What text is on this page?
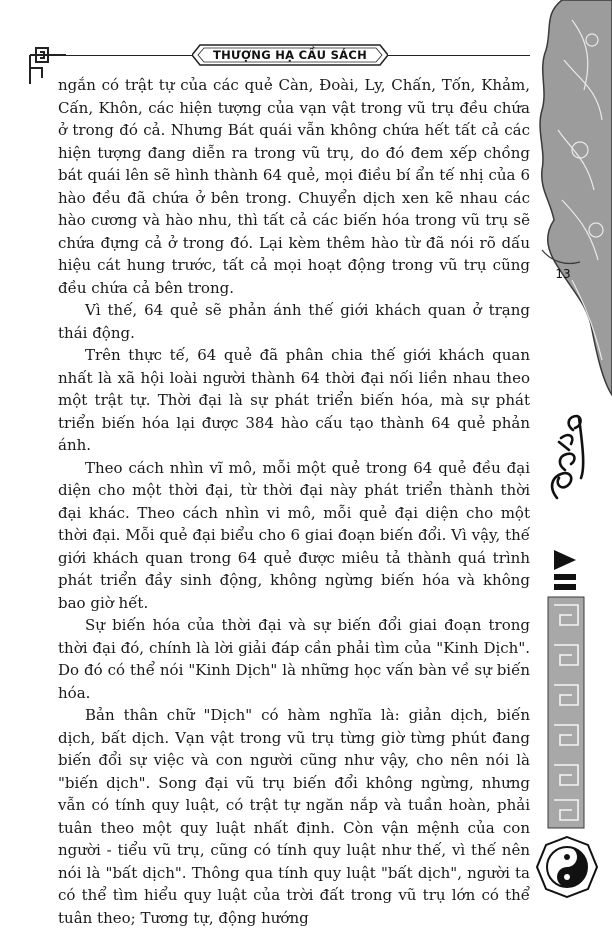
THƯỢNG HẠ CẦU SÁCH

ngắn có trật tự của các quẻ Càn, Đoài, Ly, Chấn, Tốn, Khảm, Cấn, Khôn, các hiện tượng của vạn vật trong vũ trụ đều chứa ở trong đó cả. Nhưng Bát quái vẫn không chứa hết tất cả các hiện tượng đang diễn ra trong vũ trụ, do đó đem xếp chồng bát quái lên sẽ hình thành 64 quẻ, mọi điều bí ẩn tế nhị của 6 hào đều đã chứa ở bên trong. Chuyển dịch xen kẽ nhau các hào cương và hào nhu, thì tất cả các biến hóa trong vũ trụ sẽ chứa đựng cả ở trong đó. Lại kèm thêm hào từ đã nói rõ dấu hiệu cát hung trước, tất cả mọi hoạt động trong vũ trụ cũng đều chứa cả bên trong.

Vì thế, 64 quẻ sẽ phản ánh thế giới khách quan ở trạng thái động.

Trên thực tế, 64 quẻ đã phân chia thế giới khách quan nhất là xã hội loài người thành 64 thời đại nối liền nhau theo một trật tự. Thời đại là sự phát triển biến hóa, mà sự phát triển biến hóa lại được 384 hào cấu tạo thành 64 quẻ phản ánh.

Theo cách nhìn vĩ mô, mỗi một quẻ trong 64 quẻ đều đại diện cho một thời đại, từ thời đại này phát triển thành thời đại khác. Theo cách nhìn vi mô, mỗi quẻ đại diện cho một thời đại. Mỗi quẻ đại biểu cho 6 giai đoạn biến đổi. Vì vậy, thế giới khách quan trong 64 quẻ được miêu tả thành quá trình phát triển đầy sinh động, không ngừng biến hóa và không bao giờ hết.

Sự biến hóa của thời đại và sự biến đổi giai đoạn trong thời đại đó, chính là lời giải đáp cần phải tìm của "Kinh Dịch". Do đó có thể nói "Kinh Dịch" là những học vấn bàn về sự biến hóa.

Bản thân chữ "Dịch" có hàm nghĩa là: giản dịch, biến dịch, bất dịch. Vạn vật trong vũ trụ từng giờ từng phút đang biến đổi sự việc và con người cũng như vậy, cho nên nói là "biến dịch". Song đại vũ trụ biến đổi không ngừng, nhưng vẫn có tính quy luật, có trật tự ngăn nắp và tuần hoàn, phải tuân theo một quy luật nhất định. Còn vận mệnh của con người - tiểu vũ trụ, cũng có tính quy luật như thế, vì thế nên nói là "bất dịch". Thông qua tính quy luật "bất dịch", người ta có thể tìm hiểu quy luật của trời đất trong vũ trụ lớn có thể tuân theo; Tương tự, động hướng

13
